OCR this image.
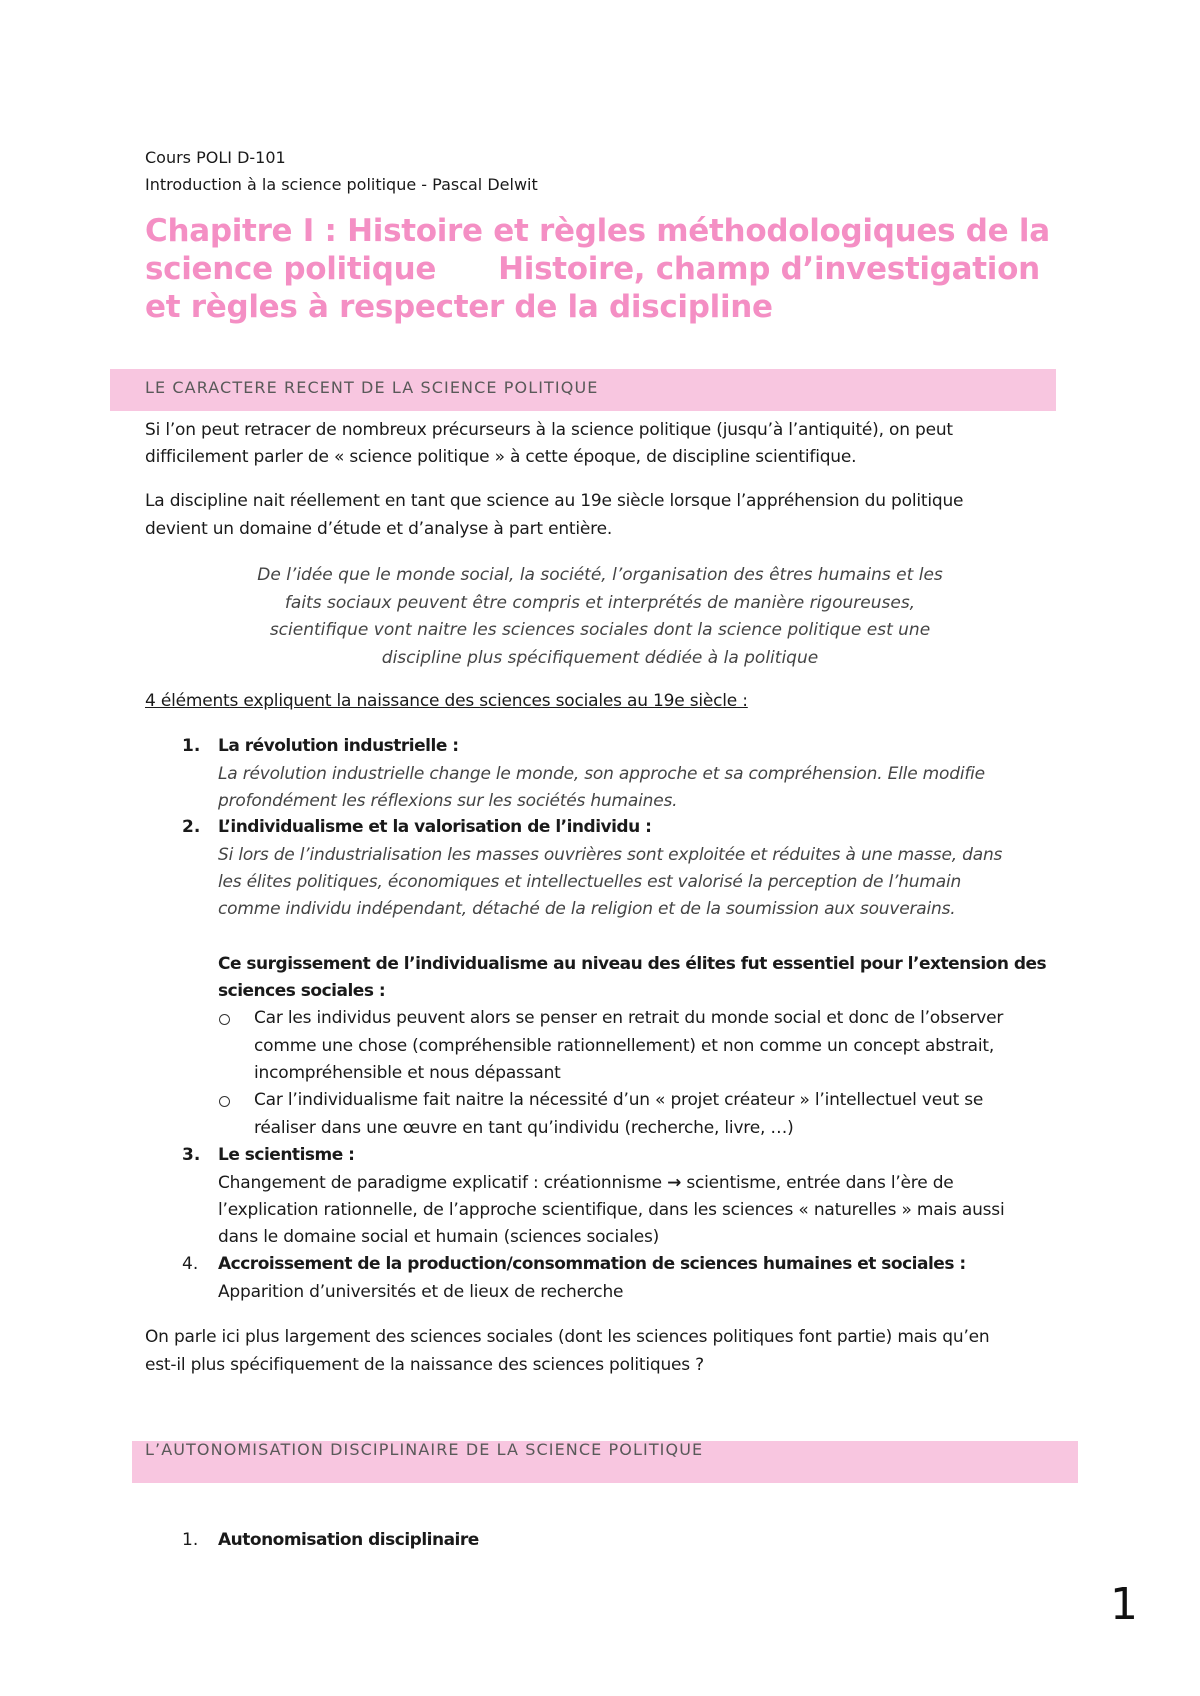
Cours POLI D-101
Introduction à la science politique - Pascal Delwit
Chapitre I : Histoire et règles méthodologiques de la
science politique Histoire, champ d’investigation
et règles à respecter de la discipline
LE CARACTERE RECENT DE LA SCIENCE POLITIQUE
Si l’on peut retracer de nombreux précurseurs à la science politique (jusqu’à l’antiquité), on peut
difficilement parler de « science politique » à cette époque, de discipline scientifique.
La discipline nait réellement en tant que science au 19e siècle lorsque l’appréhension du politique
devient un domaine d’étude et d’analyse à part entière.
De l’idée que le monde social, la société, l’organisation des êtres humains et les
faits sociaux peuvent être compris et interprétés de manière rigoureuses,
scientifique vont naitre les sciences sociales dont la science politique est une
discipline plus spécifiquement dédiée à la politique
4 éléments expliquent la naissance des sciences sociales au 19e siècle :
1. La révolution industrielle :
La révolution industrielle change le monde, son approche et sa compréhension. Elle modifie
profondément les réflexions sur les sociétés humaines.
2. L’individualisme et la valorisation de l’individu :
Si lors de l’industrialisation les masses ouvrières sont exploitée et réduites à une masse, dans
les élites politiques, économiques et intellectuelles est valorisé la perception de l’humain
comme individu indépendant, détaché de la religion et de la soumission aux souverains.
Ce surgissement de l’individualisme au niveau des élites fut essentiel pour l’extension des
sciences sociales :
Car les individus peuvent alors se penser en retrait du monde social et donc de l’observer
comme une chose (compréhensible rationnellement) et non comme un concept abstrait,
incompréhensible et nous dépassant
Car l’individualisme fait naitre la nécessité d’un « projet créateur » l’intellectuel veut se
réaliser dans une œuvre en tant qu’individu (recherche, livre, …)
3. Le scientisme :
Changement de paradigme explicatif : créationnisme → scientisme, entrée dans l’ère de
l’explication rationnelle, de l’approche scientifique, dans les sciences « naturelles » mais aussi
dans le domaine social et humain (sciences sociales)
4. Accroissement de la production/consommation de sciences humaines et sociales :
Apparition d’universités et de lieux de recherche
On parle ici plus largement des sciences sociales (dont les sciences politiques font partie) mais qu’en
est-il plus spécifiquement de la naissance des sciences politiques ?
L’AUTONOMISATION DISCIPLINAIRE DE LA SCIENCE POLITIQUE
1. Autonomisation disciplinaire
1
